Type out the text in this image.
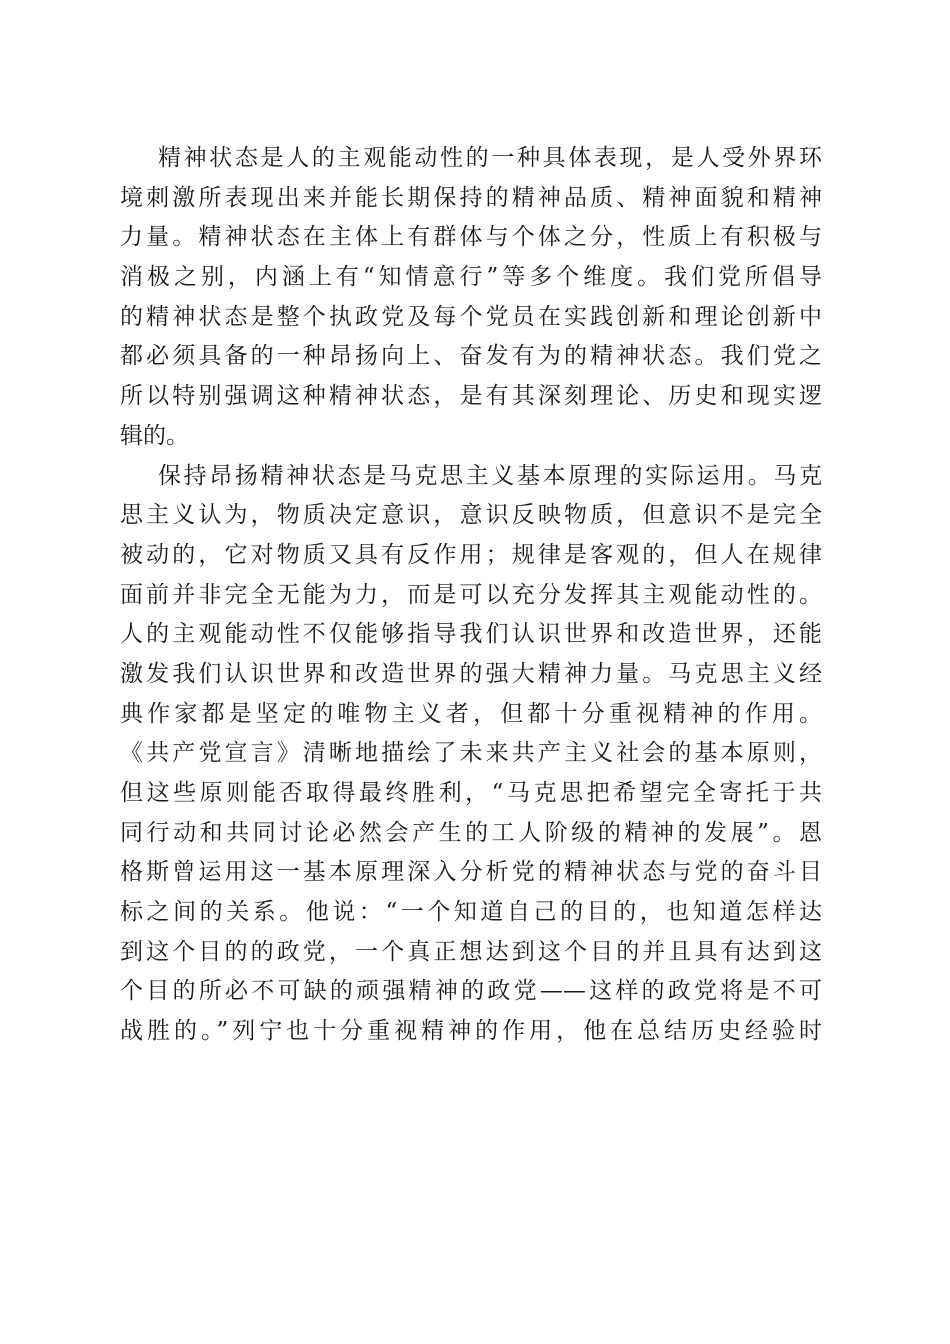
精神状态是人的主观能动性的一种具体表现，是人受外界环
境刺激所表现出来并能长期保持的精神品质、精神面貌和精神
力量。精神状态在主体上有群体与个体之分，性质上有积极与
消极之别，内涵上有“知情意行”等多个维度。我们党所倡导
的精神状态是整个执政党及每个党员在实践创新和理论创新中
都必须具备的一种昂扬向上、奋发有为的精神状态。我们党之
所以特别强调这种精神状态，是有其深刻理论、历史和现实逻
辑的。
保持昂扬精神状态是马克思主义基本原理的实际运用。马克
思主义认为，物质决定意识，意识反映物质，但意识不是完全
被动的，它对物质又具有反作用；规律是客观的，但人在规律
面前并非完全无能为力，而是可以充分发挥其主观能动性的。
人的主观能动性不仅能够指导我们认识世界和改造世界，还能
激发我们认识世界和改造世界的强大精神力量。马克思主义经
典作家都是坚定的唯物主义者，但都十分重视精神的作用。
《共产党宣言》清晰地描绘了未来共产主义社会的基本原则，
但这些原则能否取得最终胜利，“马克思把希望完全寄托于共
同行动和共同讨论必然会产生的工人阶级的精神的发展”。恩
格斯曾运用这一基本原理深入分析党的精神状态与党的奋斗目
标之间的关系。他说：“一个知道自己的目的，也知道怎样达
到这个目的的政党，一个真正想达到这个目的并且具有达到这
个目的所必不可缺的顽强精神的政党——这样的政党将是不可
战胜的。”列宁也十分重视精神的作用，他在总结历史经验时
